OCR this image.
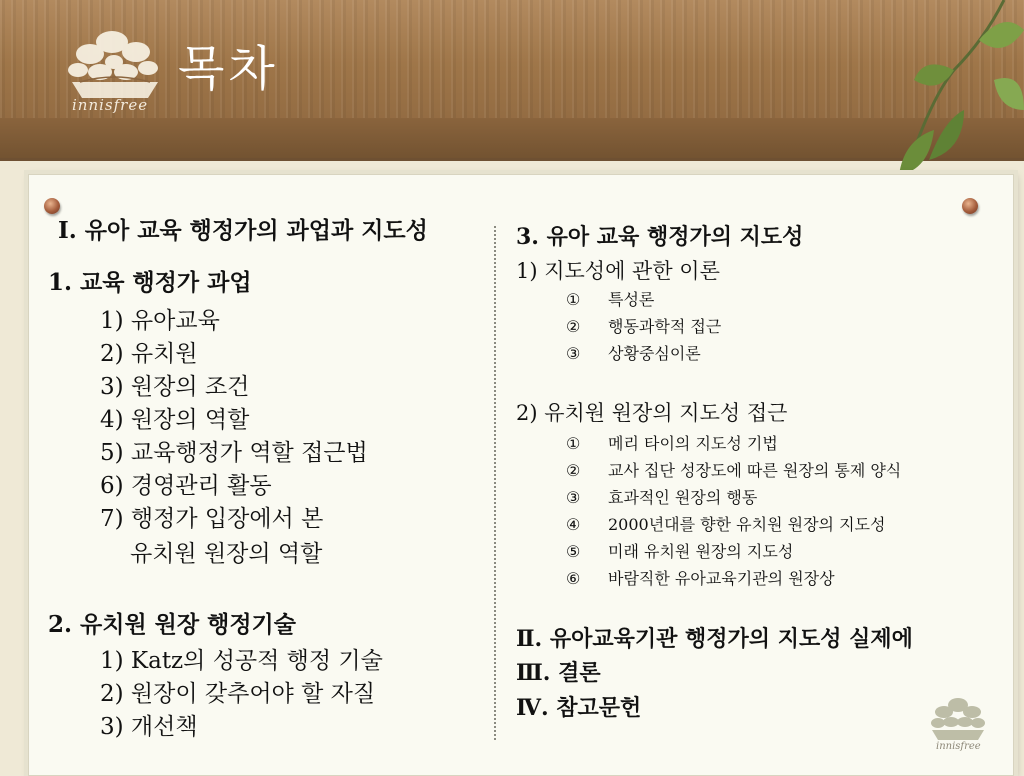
innisfree
목차
Ⅰ. 유아 교육 행정가의 과업과 지도성
1. 교육 행정가 과업
1) 유아교육
2) 유치원
3) 원장의 조건
4) 원장의 역할
5) 교육행정가 역할 접근법
6) 경영관리 활동
7) 행정가 입장에서 본
유치원 원장의 역할
2. 유치원 원장 행정기술
1) Katz의 성공적 행정 기술
2) 원장이 갖추어야 할 자질
3) 개선책
3. 유아 교육 행정가의 지도성
1) 지도성에 관한 이론
① 특성론
② 행동과학적 접근
③ 상황중심이론
2) 유치원 원장의 지도성 접근
① 메리 타이의 지도성 기법
② 교사 집단 성장도에 따른 원장의 통제 양식
③ 효과적인 원장의 행동
④ 2000년대를 향한 유치원 원장의 지도성
⑤ 미래 유치원 원장의 지도성
⑥ 바람직한 유아교육기관의 원장상
Ⅱ. 유아교육기관 행정가의 지도성 실제에
Ⅲ. 결론
Ⅳ. 참고문헌
innisfree
